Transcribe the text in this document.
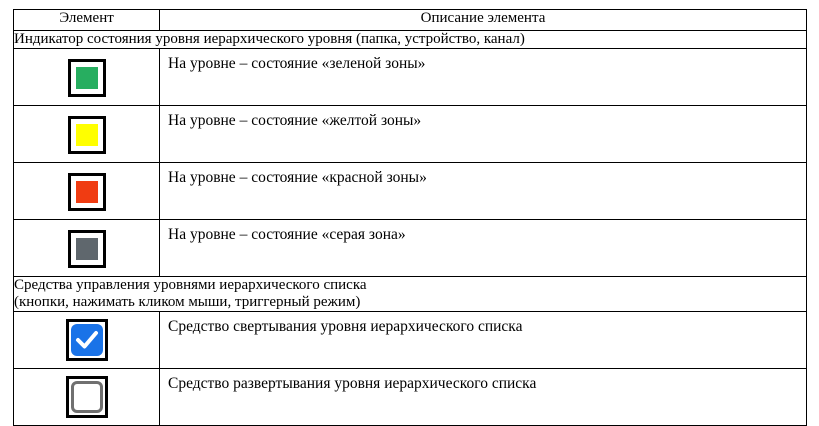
Элемент	Описание элемента
Индикатор состояния уровня иерархического уровня (папка, устройство, канал)	

	На уровне – состояние «зеленой зоны»

	На уровне – состояние «желтой зоны»

	На уровне – состояние «красной зоны»

	На уровне – состояние «серая зона»
Средства управления уровнями иерархического списка
(кнопки, нажимать кликом мыши, триггерный режим)	

	Средство свертывания уровня иерархического списка

	Средство развертывания уровня иерархического списка
